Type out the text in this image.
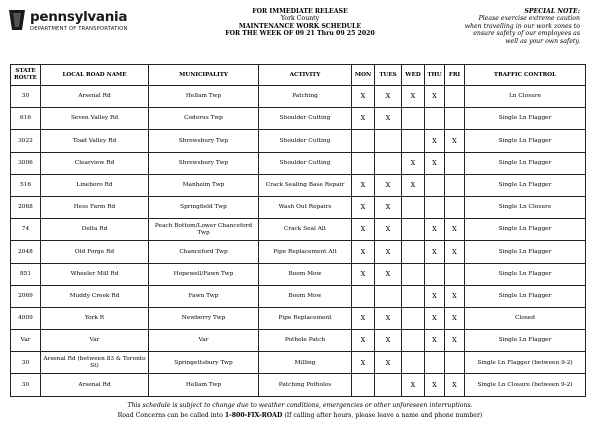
pennsylvania
DEPARTMENT OF TRANSPORTATION
FOR IMMEDIATE RELEASE
York County
MAINTENANCE WORK SCHEDULE
FOR THE WEEK OF 09 21 Thru 09 25 2020
SPECIAL NOTE:
Please exercise extreme caution
when travelling in our work zones to
ensure safety of our employees as
well as your own safety.
STATE ROUTE	LOCAL ROAD NAME	MUNICIPALITY	ACTIVITY	MON	TUES	WED	THU	FRI	TRAFFIC CONTROL
30	Arsenal Rd	Hellam Twp	Patching	X	X	X	X		Ln Closure
616	Seven Valley Rd	Codorus Twp	Shoulder Cutting	X	X				Single Ln Flagger
3022	Toad Valley Rd	Shrewsbury Twp	Shoulder Cutting				X	X	Single Ln Flagger
3006	Clearview Rd	Shrewsbury Twp	Shoulder Cutting			X	X		Single Ln Flagger
516	Lineboro Rd	Manheim Twp	Crack Sealing Base Repair	X	X	X			Single Ln Flagger
2068	Hess Farm Rd	Springfield Twp	Wash Out Repairs	X	X				Single Ln Closure
74	Delta Rd	Peach Bottom/Lower Chanceford Twp	Crack Seal Alt	X	X		X	X	Single Ln Flagger
2048	Old Forge Rd	Chanceford Twp	Pipe Replacement Alt	X	X		X	X	Single Ln Flagger
851	Wheeler Mill Rd	Hopewell/Fawn Twp	Boom Mow	X	X				Single Ln Flagger
2069	Muddy Creek Rd	Fawn Twp	Boom Mow				X	X	Single Ln Flagger
4009	York R	Newberry Twp	Pipe Replacement	X	X		X	X	Closed
Var	Var	Var	Pothole Patch	X	X		X	X	Single Ln Flagger
30	Arsenal Rd (between 83 & Toronto St)	Springettsbury Twp	Milling	X	X				Single Ln Flagger (between 9-2)
30	Arsenal Rd	Hellam Twp	Patching Potholes			X	X	X	Single Ln Closure (between 9-2)
This schedule is subject to change due to weather conditions, emergencies or other unforeseen interruptions.
Road Concerns can be called into 1-800-FIX-ROAD (If calling after hours, please leave a name and phone number)
